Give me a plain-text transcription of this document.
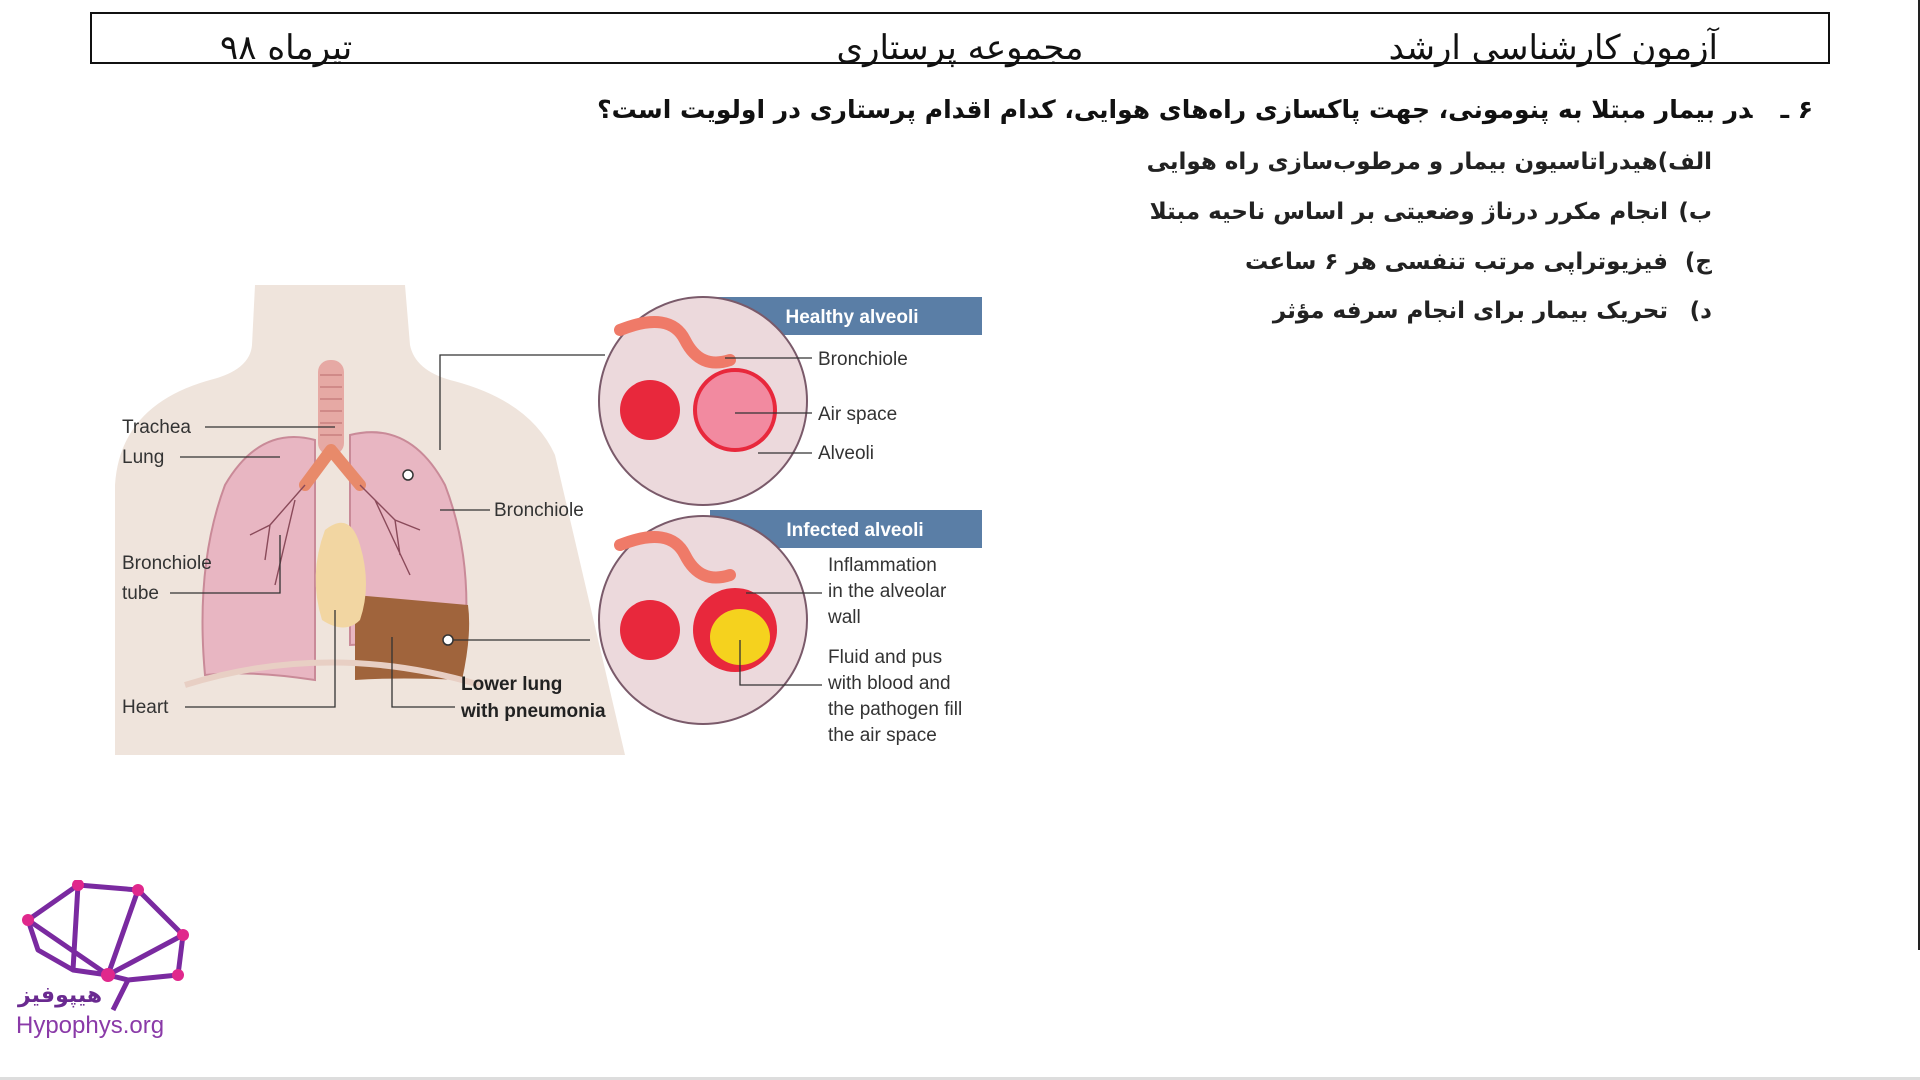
آزمون کارشناسی ارشد
مجموعه پرستاری
تیرماه ۹۸
۶ ـدر بیمار مبتلا به پنومونی، جهت پاکسازی راه‌های هوایی، کدام اقدام پرستاری در اولویت است؟
الف)هیدراتاسیون بیمار و مرطوب‌سازی راه هوایی
ب)انجام مکرر درناژ وضعیتی بر اساس ناحیه مبتلا
ج)فیزیوتراپی مرتب تنفسی هر ۶ ساعت
د)تحریک بیمار برای انجام سرفه مؤثر
Trachea
Lung
Bronchiole
tube
Heart
Bronchiole
Lower lung
with pneumonia
Healthy alveoli
Bronchiole
Air space
Alveoli
Infected alveoli
Inflammation
in the alveolar
wall
Fluid and pus
with blood and
the pathogen fill
the air space
هیپوفیز
Hypophys.org
